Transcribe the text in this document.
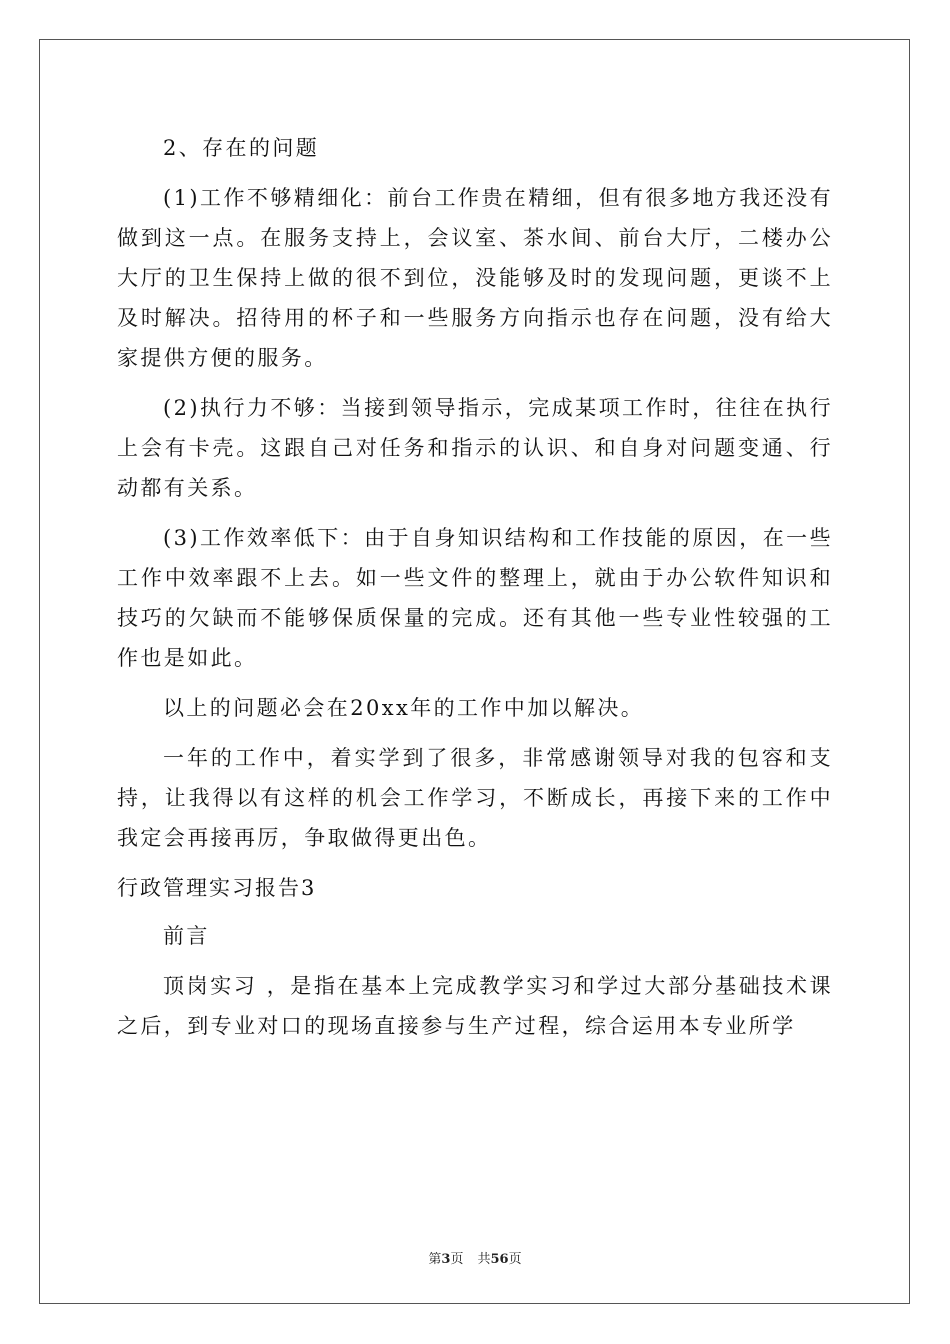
2、存在的问题

(1)工作不够精细化：前台工作贵在精细，但有很多地方我还没有做到这一点。在服务支持上，会议室、茶水间、前台大厅，二楼办公大厅的卫生保持上做的很不到位，没能够及时的发现问题，更谈不上及时解决。招待用的杯子和一些服务方向指示也存在问题，没有给大家提供方便的服务。

(2)执行力不够：当接到领导指示，完成某项工作时，往往在执行上会有卡壳。这跟自己对任务和指示的认识、和自身对问题变通、行动都有关系。

(3)工作效率低下：由于自身知识结构和工作技能的原因，在一些工作中效率跟不上去。如一些文件的整理上，就由于办公软件知识和技巧的欠缺而不能够保质保量的完成。还有其他一些专业性较强的工作也是如此。

以上的问题必会在20xx年的工作中加以解决。

一年的工作中，着实学到了很多，非常感谢领导对我的包容和支持，让我得以有这样的机会工作学习，不断成长，再接下来的工作中我定会再接再厉，争取做得更出色。

行政管理实习报告3

前言

顶岗实习 ，是指在基本上完成教学实习和学过大部分基础技术课之后，到专业对口的现场直接参与生产过程，综合运用本专业所学

第3页 共56页
